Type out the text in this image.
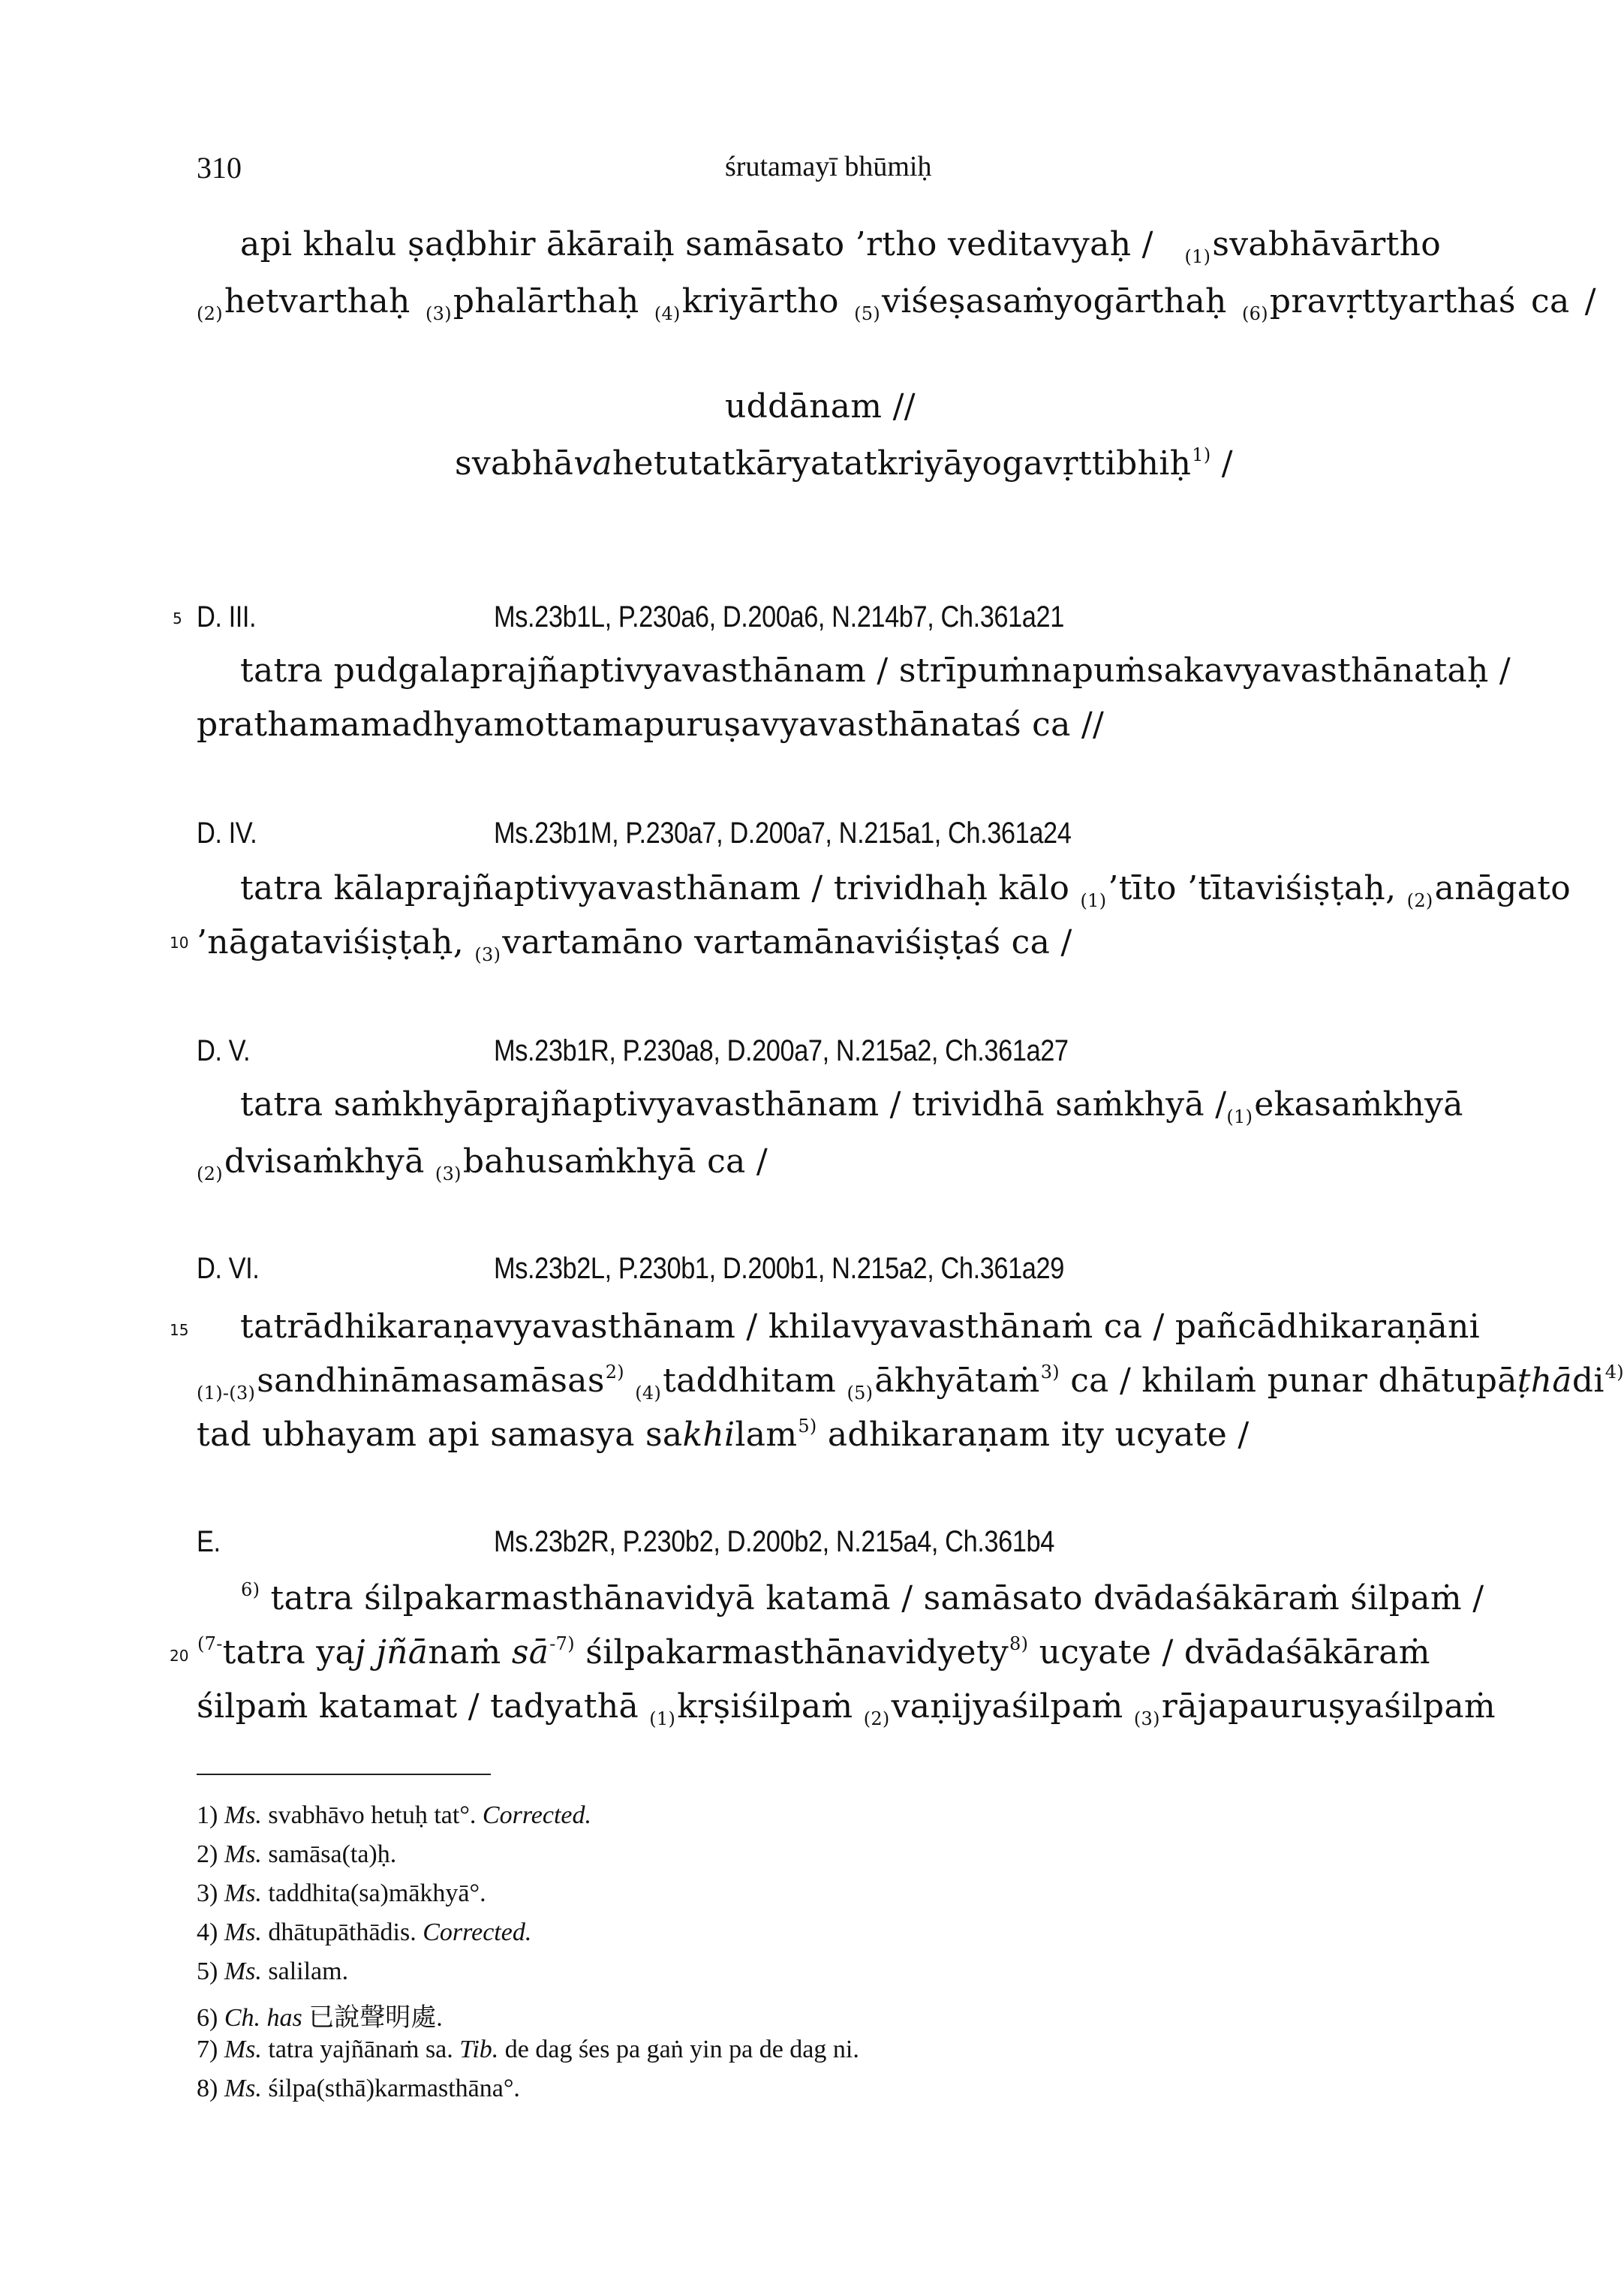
310	śrutamayī bhūmiḥ
api khalu ṣaḍbhir ākāraiḥ samāsato ’rtho veditavyaḥ / $_{(1)}$svabhāvārtho
$_{(2)}$hetvarthaḥ $_{(3)}$phalārthaḥ $_{(4)}$kriyārtho $_{(5)}$viśeṣasaṁyogārthaḥ $_{(6)}$pravṛttyarthaś ca /
uddānam //
svabhāvahetutatkāryatatkriyāyogavṛttibhiḥ$^{1)}$ /
5 D. III.	Ms.23b1L, P.230a6, D.200a6, N.214b7, Ch.361a21
tatra pudgalaprajñaptivyavasthānam / strīpuṁnapuṁsakavyavasthānataḥ /
prathamamadhyamottamapuruṣavyavasthānataś ca //
D. IV.	Ms.23b1M, P.230a7, D.200a7, N.215a1, Ch.361a24
tatra kālaprajñaptivyavasthānam / trividhaḥ kālo $_{(1)}$’tīto ’tītaviśiṣṭaḥ, $_{(2)}$anāgato
10 ’nāgataviśiṣṭaḥ, $_{(3)}$vartamāno vartamānaviśiṣṭaś ca /
D. V.	Ms.23b1R, P.230a8, D.200a7, N.215a2, Ch.361a27
tatra saṁkhyāprajñaptivyavasthānam / trividhā saṁkhyā / $_{(1)}$ekasaṁkhyā
$_{(2)}$dvisaṁkhyā $_{(3)}$bahusaṁkhyā ca /
D. VI.	Ms.23b2L, P.230b1, D.200b1, N.215a2, Ch.361a29
15 tatrādhikaraṇavyavasthānam / khilavyavasthānaṁ ca / pañcādhikaraṇāni
$_{(1)-(3)}$sandhināmasamāsas$^{2)}$ $_{(4)}$taddhitam $_{(5)}$ākhyātaṁ$^{3)}$ ca / khilaṁ punar dhātupāṭhādi$^{4)}$
tad ubhayam api samasya sakhilam$^{5)}$ adhikaraṇam ity ucyate /
E.	Ms.23b2R, P.230b2, D.200b2, N.215a4, Ch.361b4
$^{6)}$ tatra śilpakarmasthānavidyā katamā / samāsato dvādaśākāraṁ śilpaṁ /
20
$^{(7-}$tatra yaj jñānaṁ $sā^{-7)}$ śilpakarmasthānavidyety$^{8)}$ ucyate / dvādaśākāraṁ
śilpaṁ katamat / tadyathā $_{(1)}$kṛṣiśilpaṁ $_{(2)}$vaṇijyaśilpaṁ $_{(3)}$rājapauruṣyaśilpaṁ
1) Ms. svabhāvo hetuḥ tat°. Corrected.
2) Ms. samāsa(ta)ḥ.
3) Ms. taddhita(sa)mākhyā°.
4) Ms. dhātupāthādis. Corrected.
5) Ms. salilam.
6) Ch. has 已說聲明處.
7) Ms. tatra yajñānaṁ sa. Tib. de dag śes pa gaṅ yin pa de dag ni.
8) Ms. śilpa(sthā)karmasthāna°.
